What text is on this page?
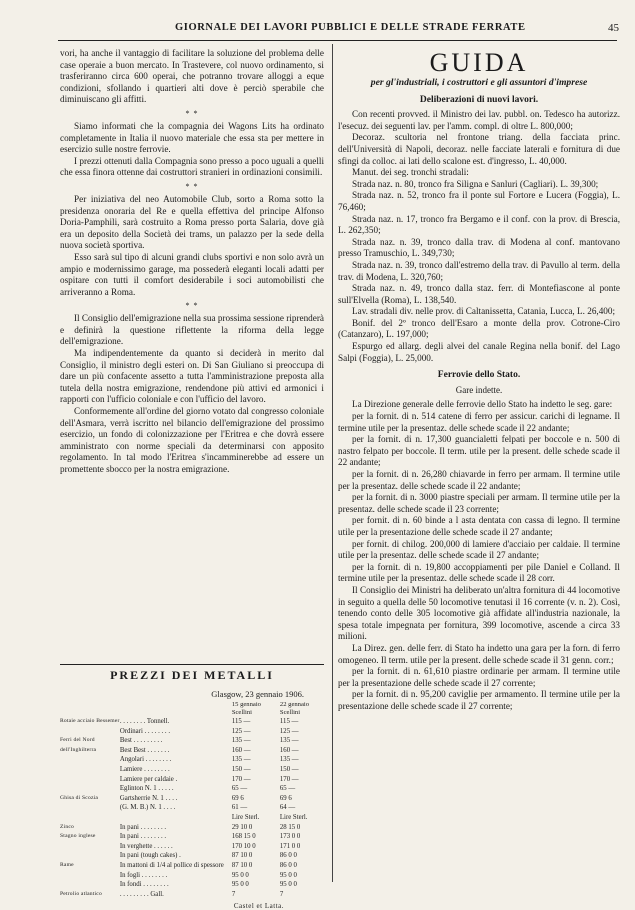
GIORNALE DEI LAVORI PUBBLICI E DELLE STRADE FERRATE	45

vori, ha anche il vantaggio di facilitare la soluzione del problema delle case operaie a buon mercato. In Trastevere, col nuovo ordinamento, si trasferiranno circa 600 operai, che potranno trovare alloggi a eque condizioni, sfollando i quartieri alti dove è perciò sperabile che diminuiscano gli affitti.

* *

Siamo informati che la compagnia dei Wagons Lits ha ordinato completamente in Italia il nuovo materiale che essa sta per mettere in esercizio sulle nostre ferrovie.

I prezzi ottenuti dalla Compagnia sono presso a poco uguali a quelli che essa finora ottenne dai costruttori stranieri in ordinazioni consimili.

* *

Per iniziativa del neo Automobile Club, sorto a Roma sotto la presidenza onoraria del Re e quella effettiva del principe Alfonso Doria-Pamphili, sarà costruito a Roma presso porta Salaria, dove già era un deposito della Società dei trams, un palazzo per la sede della nuova società sportiva.

Esso sarà sul tipo di alcuni grandi clubs sportivi e non solo avrà un ampio e modernissimo garage, ma possederà eleganti locali adatti per ospitare con tutti il comfort desiderabile i soci automobilisti che arriveranno a Roma.

* *

Il Consiglio dell'emigrazione nella sua prossima sessione riprenderà e definirà la questione riflettente la riforma della legge dell'emigrazione.

Ma indipendentemente da quanto si deciderà in merito dal Consiglio, il ministro degli esteri on. Di San Giuliano si preoccupa di dare un più confacente assetto a tutta l'amministrazione preposta alla tutela della nostra emigrazione, rendendone più attivi ed armonici i rapporti con l'ufficio coloniale e con l'ufficio del lavoro.

Conformemente all'ordine del giorno votato dal congresso coloniale dell'Asmara, verrà iscritto nel bilancio dell'emigrazione del prossimo esercizio, un fondo di colonizzazione per l'Eritrea e che dovrà essere amministrato con norme speciali da determinarsi con apposito regolamento. In tal modo l'Eritrea s'incamminerebbe ad essere un promettente sbocco per la nostra emigrazione.

PREZZI DEI METALLI
Glasgow, 23 gennaio 1906.
		15 gennaio	22 gennaio
		Scellini	Scellini
Rotaie acciaio Bessemer	. . . . . . . . Tonnell.	115 —	115 —
	Ordinari . . . . . . . .	125 —	125 —
Ferri del Nord	Best . . . . . . . . .	135 —	135 —
dell'Inghilterra	Best Best . . . . . . .	160 —	160 —
	Angolari . . . . . . . .	135 —	135 —
	Lamiere . . . . . . . .	150 —	150 —
	Lamiere per caldaie .	170 —	170 —
	Eglinton N. 1 . . . . .	65 —	65 —
Ghisa di Scozia	Gartsherrie N. 1 . . . .	69 6	69 6
	(G. M. B.) N. 1 . . . .	61 —	64 —
		Lire Sterl.	Lire Sterl.
Zinco	In pani . . . . . . . .	29 10 0	28 15 0
Stagno inglese	In pani . . . . . . . .	168 15 0	173 0 0
	In verghette . . . . . .	170 10 0	171 0 0
	In pani (tough cakes) .	87 10 0	86 0 0
Rame	In mattoni di 1/4 al pollice di spessore	87 10 0	86 0 0
	In fogli . . . . . . . .	95 0 0	95 0 0
	In fondi . . . . . . . .	95 0 0	95 0 0
Petrolio atlantico	. . . . . . . . . Gall.	7	7
Castel et Latta.
GUIDA
per gl'industriali, i costruttori e gli assuntori d'imprese
Deliberazioni di nuovi lavori.

Con recenti provved. il Ministro dei lav. pubbl. on. Tedesco ha autorizz. l'esecuz. dei seguenti lav. per l'amm. compl. di oltre L. 800,000;

Decoraz. scultoria nel frontone triang. della facciata princ. dell'Università di Napoli, decoraz. nelle facciate laterali e fornitura di due sfingi da colloc. ai lati dello scalone est. d'ingresso, L. 40,000.

Manut. dei seg. tronchi stradali:

Strada naz. n. 80, tronco fra Siligna e Sanluri (Cagliari). L. 39,300;

Strada naz. n. 52, tronco fra il ponte sul Fortore e Lucera (Foggia), L. 76,460;

Strada naz. n. 17, tronco fra Bergamo e il conf. con la prov. di Brescia, L. 262,350;

Strada naz. n. 39, tronco dalla trav. di Modena al conf. mantovano presso Tramuschio, L. 349,730;

Strada naz. n. 39, tronco dall'estremo della trav. di Pavullo al term. della trav. di Modena, L. 320,760;

Strada naz. n. 49, tronco dalla staz. ferr. di Montefiascone al ponte sull'Elvella (Roma), L. 138,540.

Lav. stradali div. nelle prov. di Caltanissetta, Catania, Lucca, L. 26,400;

Bonif. del 2º tronco dell'Esaro a monte della prov. Cotrone-Ciro (Catanzaro), L. 197,000;

Espurgo ed allarg. degli alvei del canale Regina nella bonif. del Lago Salpi (Foggia), L. 25,000.

Ferrovie dello Stato.
Gare indette.

La Direzione generale delle ferrovie dello Stato ha indetto le seg. gare:

per la fornit. di n. 514 catene di ferro per assicur. carichi di legname. Il termine utile per la presentaz. delle schede scade il 22 andante;

per la fornit. di n. 17,300 guancialetti felpati per boccole e n. 500 di nastro felpato per boccole. Il term. utile per la present. delle schede scade il 22 andante;

per la fornit. di n. 26,280 chiavarde in ferro per armam. Il termine utile per la presentaz. delle schede scade il 22 andante;

per la fornit. di n. 3000 piastre speciali per armam. Il termine utile per la presentaz. delle schede scade il 23 corrente;

per fornit. di n. 60 binde a l asta dentata con cassa di legno. Il termine utile per la presentazione delle schede scade il 27 andante;

per fornit. di chilog. 200,000 di lamiere d'acciaio per caldaie. Il termine utile per la presentaz. delle schede scade il 27 andante;

per la fornit. di n. 19,800 accoppiamenti per pile Daniel e Colland. Il termine utile per la presentaz. delle schede scade il 28 corr.

Il Consiglio dei Ministri ha deliberato un'altra fornitura di 44 locomotive in seguito a quella delle 50 locomotive tenutasi il 16 corrente (v. n. 2). Così, tenendo conto delle 305 locomotive già affidate all'industria nazionale, la spesa totale impegnata per fornitura, 399 locomotive, ascende a circa 33 milioni.

La Direz. gen. delle ferr. di Stato ha indetto una gara per la forn. di ferro omogeneo. Il term. utile per la present. delle schede scade il 31 genn. corr.;

per la fornit. di n. 61,610 piastre ordinarie per armam. Il termine utile per la presentazione delle schede scade il 27 corrente;

per la fornit. di n. 95,200 caviglie per armamento. Il termine utile per la presentazione delle schede scade il 27 corrente;
